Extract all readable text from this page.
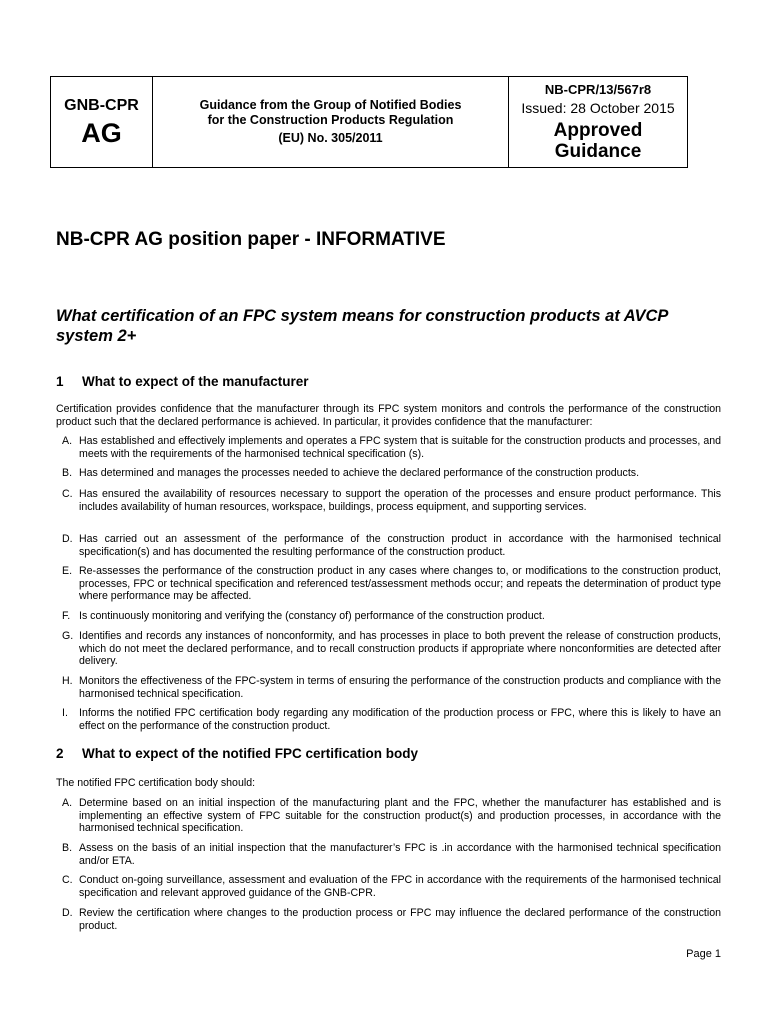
GNB-CPR
AG
Guidance from the Group of Notified Bodies
for the Construction Products Regulation
(EU) No. 305/2011
NB-CPR/13/567r8
Issued: 28 October 2015
Approved
Guidance
NB-CPR AG position paper - INFORMATIVE
What certification of an FPC system means for construction products at AVCP system 2+
1 What to expect of the manufacturer
Certification provides confidence that the manufacturer through its FPC system monitors and controls the performance of the construction product such that the declared performance is achieved. In particular, it provides confidence that the manufacturer:
A. Has established and effectively implements and operates a FPC system that is suitable for the construction products and processes, and meets with the requirements of the harmonised technical specification (s).
B. Has determined and manages the processes needed to achieve the declared performance of the construction products.
C. Has ensured the availability of resources necessary to support the operation of the processes and ensure product performance. This includes availability of human resources, workspace, buildings, process equipment, and supporting services.
D. Has carried out an assessment of the performance of the construction product in accordance with the harmonised technical specification(s) and has documented the resulting performance of the construction product.
E. Re-assesses the performance of the construction product in any cases where changes to, or modifications to the construction product, processes, FPC or technical specification and referenced test/assessment methods occur; and repeats the determination of product type where performance may be affected.
F. Is continuously monitoring and verifying the (constancy of) performance of the construction product.
G. Identifies and records any instances of nonconformity, and has processes in place to both prevent the release of construction products, which do not meet the declared performance, and to recall construction products if appropriate where nonconformities are detected after delivery.
H. Monitors the effectiveness of the FPC-system in terms of ensuring the performance of the construction products and compliance with the harmonised technical specification.
I.	Informs the notified FPC certification body regarding any modification of the production process or FPC, where this is likely to have an effect on the performance of the construction product.
2 What to expect of the notified FPC certification body
The notified FPC certification body should:
A. Determine based on an initial inspection of the manufacturing plant and the FPC, whether the manufacturer has established and is implementing an effective system of FPC suitable for the construction product(s) and production processes, in accordance with the harmonised technical specification.
B. Assess on the basis of an initial inspection that the manufacturer’s FPC is .in accordance with the harmonised technical specification and/or ETA.
C. Conduct on-going surveillance, assessment and evaluation of the FPC in accordance with the requirements of the harmonised technical specification and relevant approved guidance of the GNB-CPR.
D. Review the certification where changes to the production process or FPC may influence the declared performance of the construction product.
Page 1
